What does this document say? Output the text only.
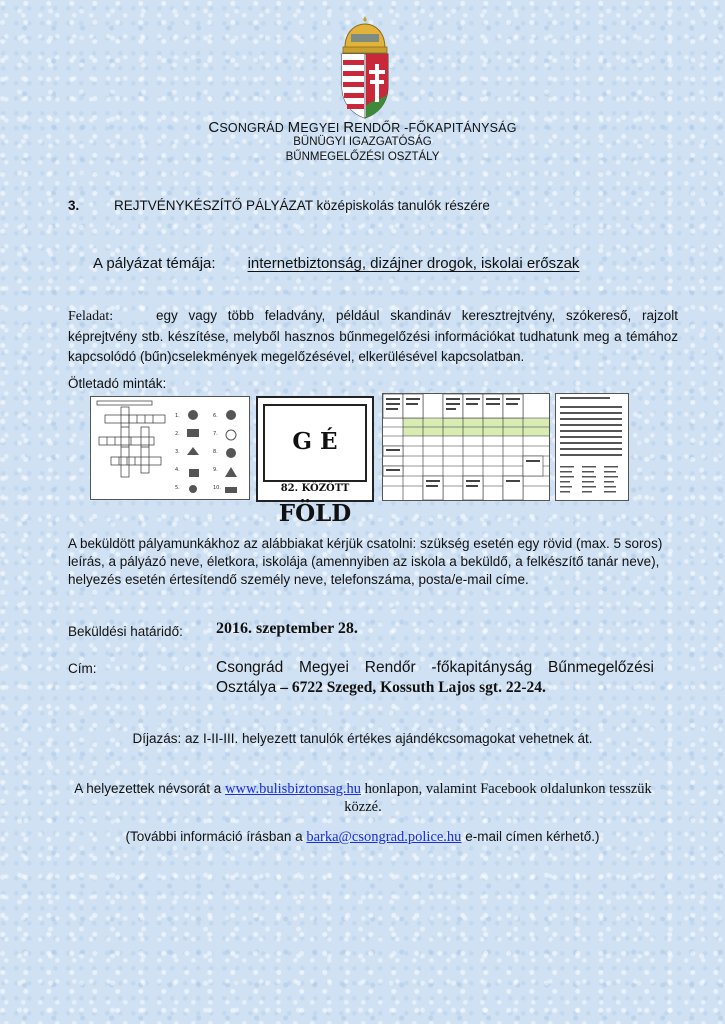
CSONGRÁD MEGYEI RENDŐR -FŐKAPITÁNYSÁG
BÜNÜGYI IGAZGATÓSÁG
BŰNMEGELŐZÉSI OSZTÁLY
3.	REJTVÉNYKÉSZÍTŐ PÁLYÁZAT középiskolás tanulók részére
A pályázat témája: internetbiztonság, dizájner drogok, iskolai erőszak
Feladat:	egy vagy több feladvány, például skandináv keresztrejtvény, szókereső, rajzolt képrejtvény stb. készítése, melyből hasznos bűnmegelőzési információkat tudhatunk meg a témához kapcsolódó (bűn)cselekmények megelőzésével, elkerülésével kapcsolatban.
Ötletadó minták:
1.	6.
2.	7.
3.	8.
4.	9.
5.	10.
G É FÖLD
82. KÖZÖTT
A beküldött pályamunkákhoz az alábbiakat kérjük csatolni: szükség esetén egy rövid (max. 5 soros) leírás, a pályázó neve, életkora, iskolája (amennyiben az iskola a beküldő, a felkészítő tanár neve), helyezés esetén értesítendő személy neve, telefonszáma, posta/e-mail címe.
Beküldési határidő: 2016. szeptember 28.
Cím:	Csongrád Megyei Rendőr -főkapitányság Bűnmegelőzési
Osztálya – 6722 Szeged, Kossuth Lajos sgt. 22-24.
Díjazás: az I-II-III. helyezett tanulók értékes ajándékcsomagokat vehetnek át.
A helyezettek névsorát a www.bulisbiztonsag.hu honlapon, valamint Facebook oldalunkon tesszük közzé.
(További információ írásban a barka@csongrad.police.hu e-mail címen kérhető.)
